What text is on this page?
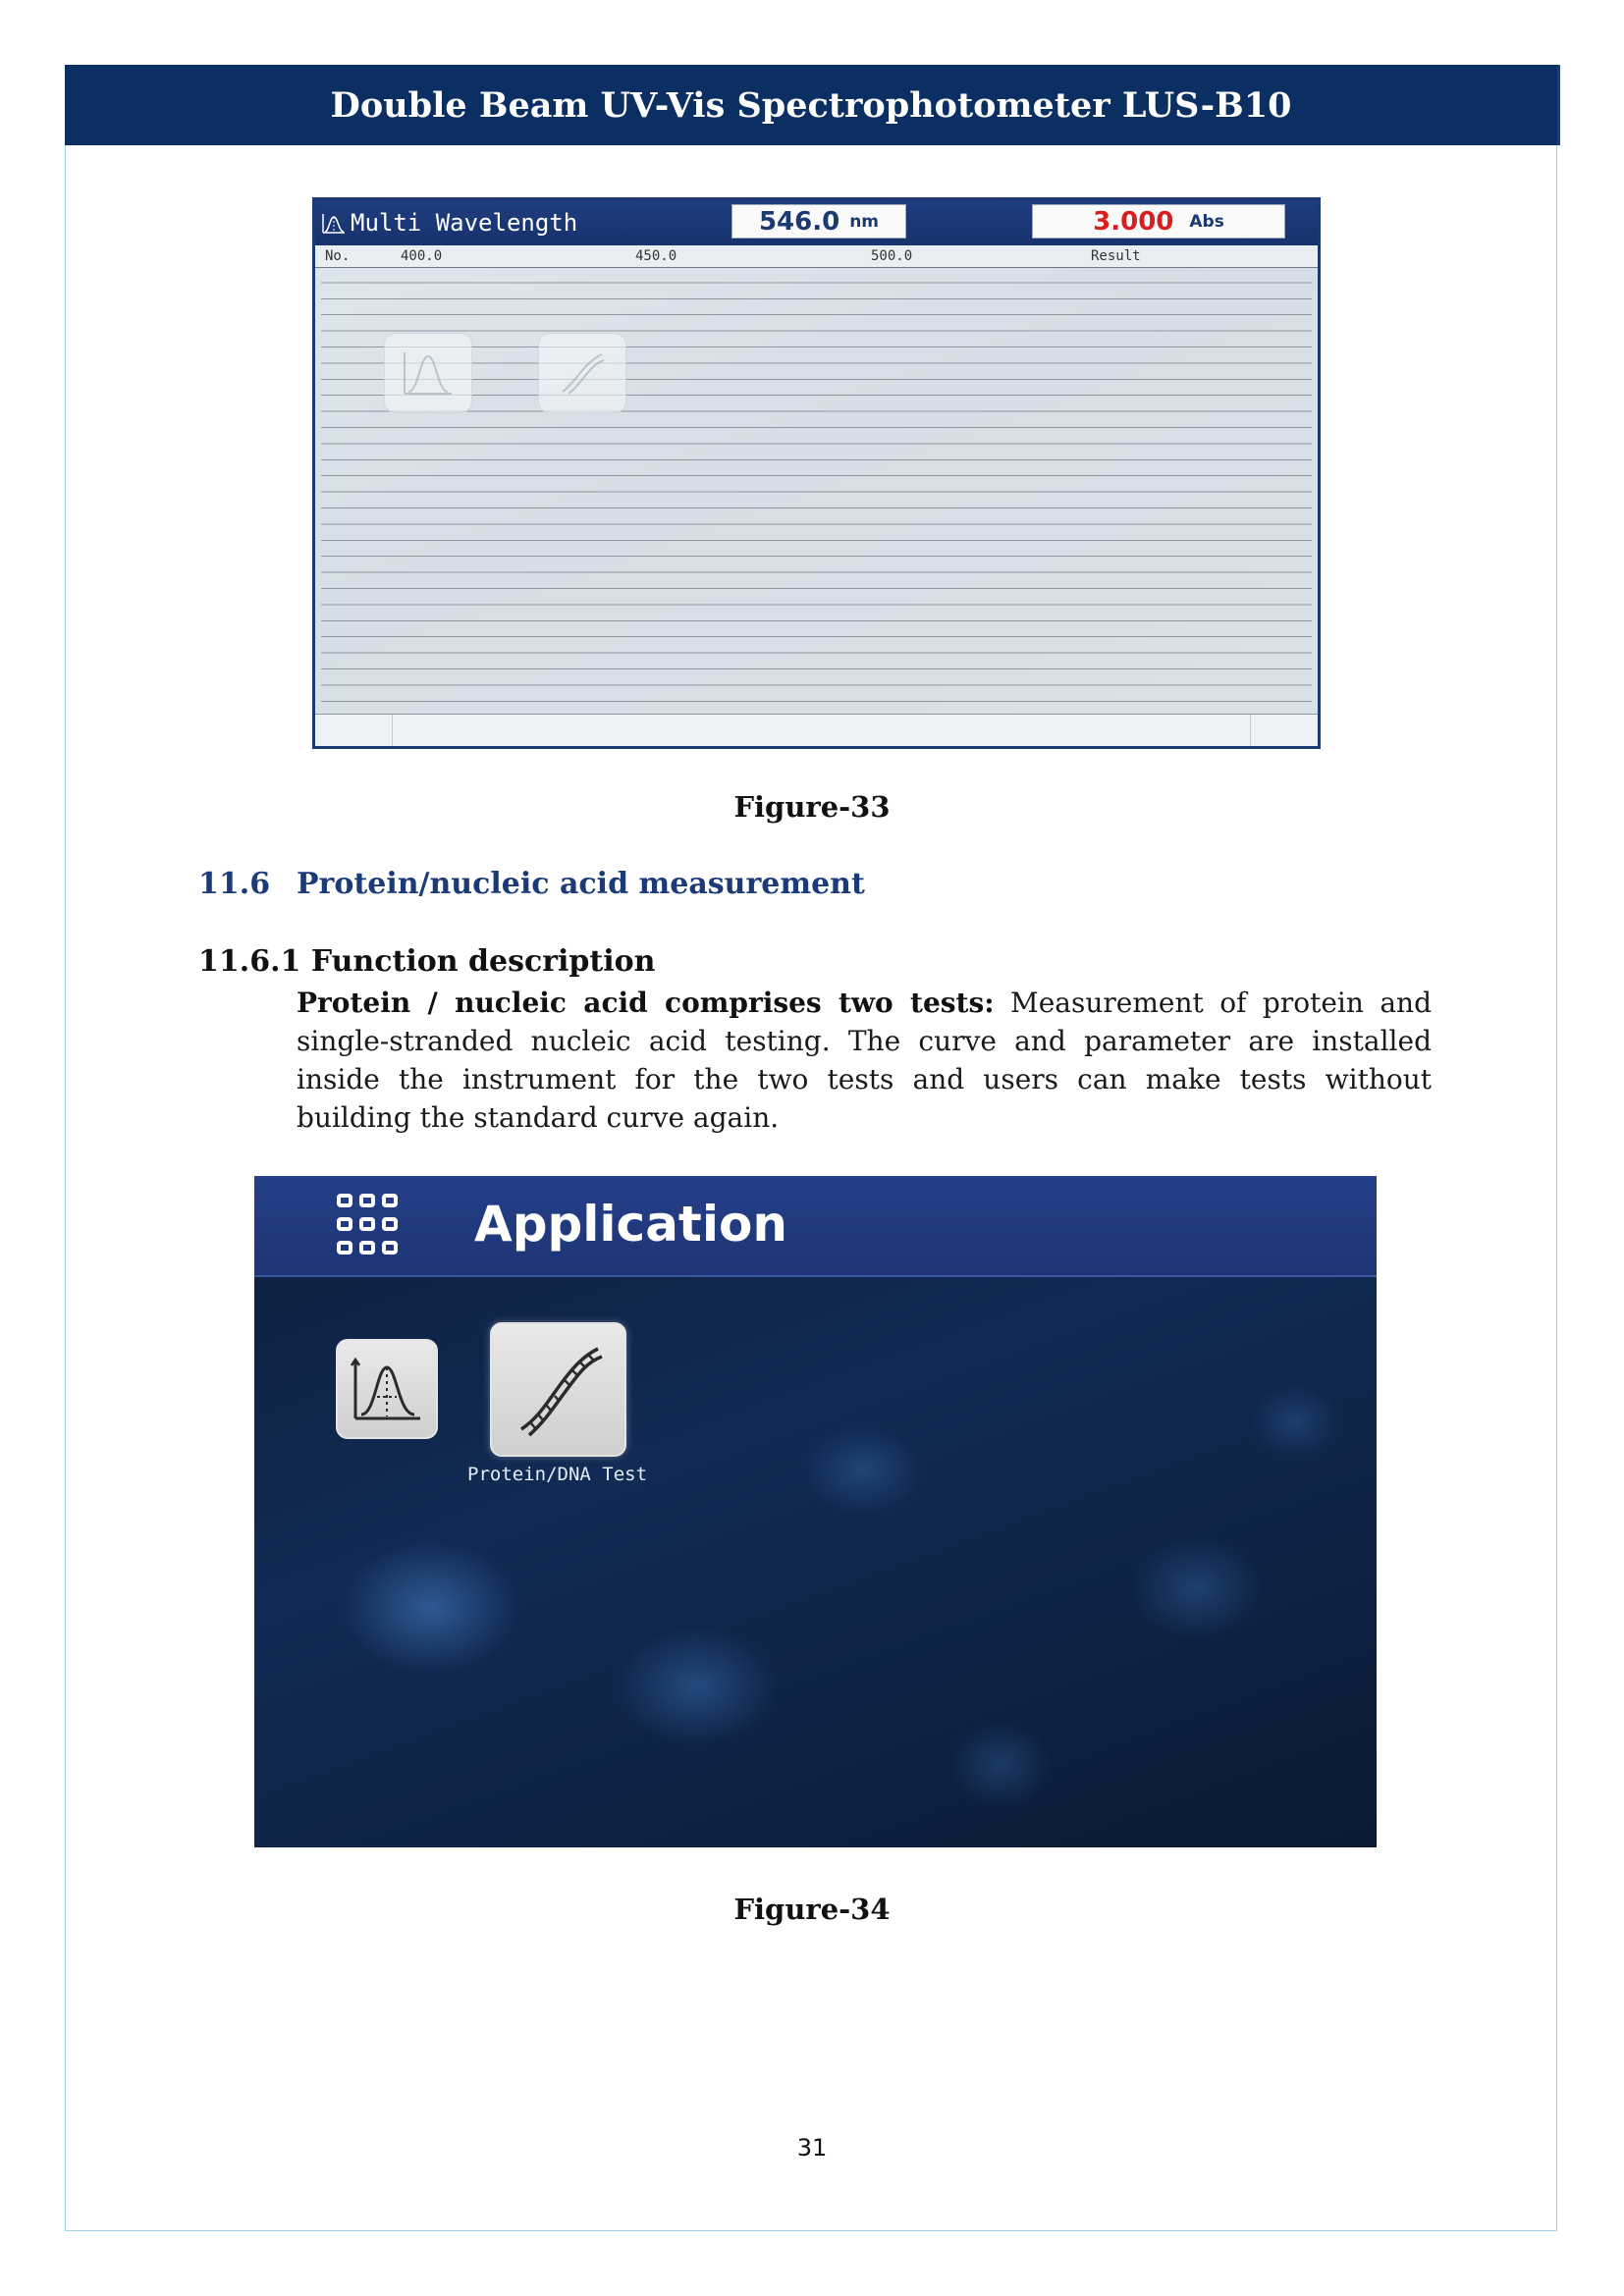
Double Beam UV-Vis Spectrophotometer LUS-B10
Multi Wavelength	546.0 nm	3.000 Abs
No.	400.0	450.0	500.0	Result
Figure-33
11.6 Protein/nucleic acid measurement
11.6.1 Function description
Protein / nucleic acid comprises two tests: Measurement of protein and single-stranded nucleic acid testing. The curve and parameter are installed inside the instrument for the two tests and users can make tests without building the standard curve again.
Application
Protein/DNA Test
Figure-34
31
